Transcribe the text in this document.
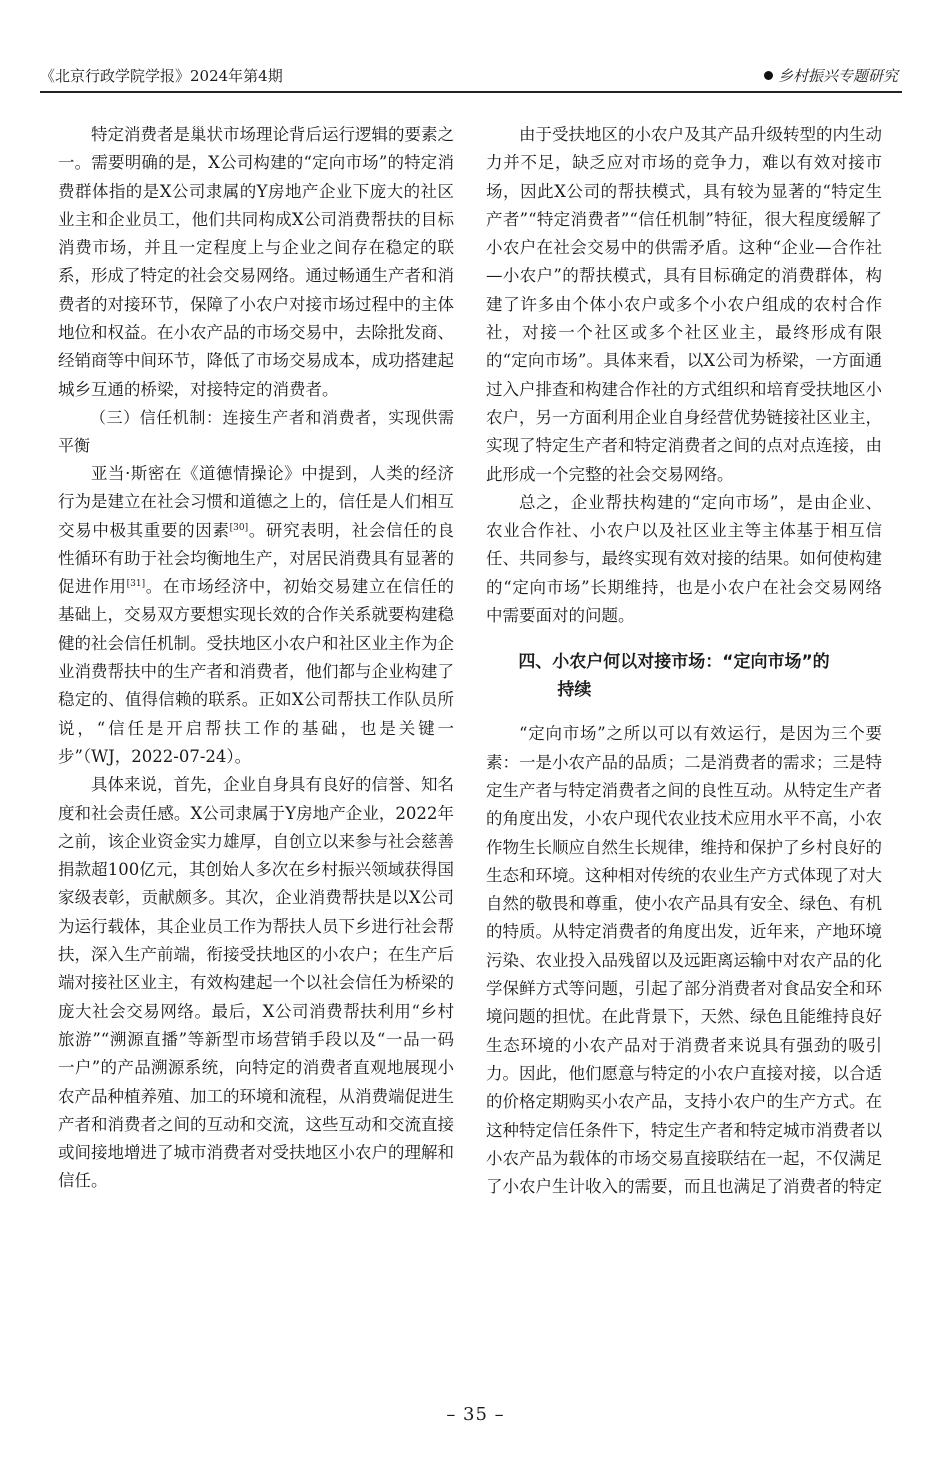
《北京行政学院学报》2024年第4期	乡村振兴专题研究

特定消费者是巢状市场理论背后运行逻辑的要素之一。需要明确的是，X公司构建的“定向市场”的特定消费群体指的是X公司隶属的Y房地产企业下庞大的社区业主和企业员工，他们共同构成X公司消费帮扶的目标消费市场，并且一定程度上与企业之间存在稳定的联系，形成了特定的社会交易网络。通过畅通生产者和消费者的对接环节，保障了小农户对接市场过程中的主体地位和权益。在小农产品的市场交易中，去除批发商、经销商等中间环节，降低了市场交易成本，成功搭建起城乡互通的桥梁，对接特定的消费者。

（三）信任机制：连接生产者和消费者，实现供需平衡

亚当·斯密在《道德情操论》中提到，人类的经济行为是建立在社会习惯和道德之上的，信任是人们相互交易中极其重要的因素[30]。研究表明，社会信任的良性循环有助于社会均衡地生产，对居民消费具有显著的促进作用[31]。在市场经济中，初始交易建立在信任的基础上，交易双方要想实现长效的合作关系就要构建稳健的社会信任机制。受扶地区小农户和社区业主作为企业消费帮扶中的生产者和消费者，他们都与企业构建了稳定的、值得信赖的联系。正如X公司帮扶工作队员所说，“信任是开启帮扶工作的基础，也是关键一步”（WJ，2022-07-24）。

具体来说，首先，企业自身具有良好的信誉、知名度和社会责任感。X公司隶属于Y房地产企业，2022年之前，该企业资金实力雄厚，自创立以来参与社会慈善捐款超100亿元，其创始人多次在乡村振兴领域获得国家级表彰，贡献颇多。其次，企业消费帮扶是以X公司为运行载体，其企业员工作为帮扶人员下乡进行社会帮扶，深入生产前端，衔接受扶地区的小农户；在生产后端对接社区业主，有效构建起一个以社会信任为桥梁的庞大社会交易网络。最后，X公司消费帮扶利用“乡村旅游”“溯源直播”等新型市场营销手段以及“一品一码一户”的产品溯源系统，向特定的消费者直观地展现小农产品种植养殖、加工的环境和流程，从消费端促进生产者和消费者之间的互动和交流，这些互动和交流直接或间接地增进了城市消费者对受扶地区小农户的理解和信任。

由于受扶地区的小农户及其产品升级转型的内生动力并不足，缺乏应对市场的竞争力，难以有效对接市场，因此X公司的帮扶模式，具有较为显著的“特定生产者”“特定消费者”“信任机制”特征，很大程度缓解了小农户在社会交易中的供需矛盾。这种“企业—合作社—小农户”的帮扶模式，具有目标确定的消费群体，构建了许多由个体小农户或多个小农户组成的农村合作社，对接一个社区或多个社区业主，最终形成有限的“定向市场”。具体来看，以X公司为桥梁，一方面通过入户排查和构建合作社的方式组织和培育受扶地区小农户，另一方面利用企业自身经营优势链接社区业主，实现了特定生产者和特定消费者之间的点对点连接，由此形成一个完整的社会交易网络。

总之，企业帮扶构建的“定向市场”，是由企业、农业合作社、小农户以及社区业主等主体基于相互信任、共同参与，最终实现有效对接的结果。如何使构建的“定向市场”长期维持，也是小农户在社会交易网络中需要面对的问题。

四、小农户何以对接市场：“定向市场”的
持续

“定向市场”之所以可以有效运行，是因为三个要素：一是小农产品的品质；二是消费者的需求；三是特定生产者与特定消费者之间的良性互动。从特定生产者的角度出发，小农户现代农业技术应用水平不高，小农作物生长顺应自然生长规律，维持和保护了乡村良好的生态和环境。这种相对传统的农业生产方式体现了对大自然的敬畏和尊重，使小农产品具有安全、绿色、有机的特质。从特定消费者的角度出发，近年来，产地环境污染、农业投入品残留以及远距离运输中对农产品的化学保鲜方式等问题，引起了部分消费者对食品安全和环境问题的担忧。在此背景下，天然、绿色且能维持良好生态环境的小农产品对于消费者来说具有强劲的吸引力。因此，他们愿意与特定的小农户直接对接，以合适的价格定期购买小农产品，支持小农户的生产方式。在这种特定信任条件下，特定生产者和特定城市消费者以小农产品为载体的市场交易直接联结在一起，不仅满足了小农户生计收入的需要，而且也满足了消费者的特定

– 35 –
